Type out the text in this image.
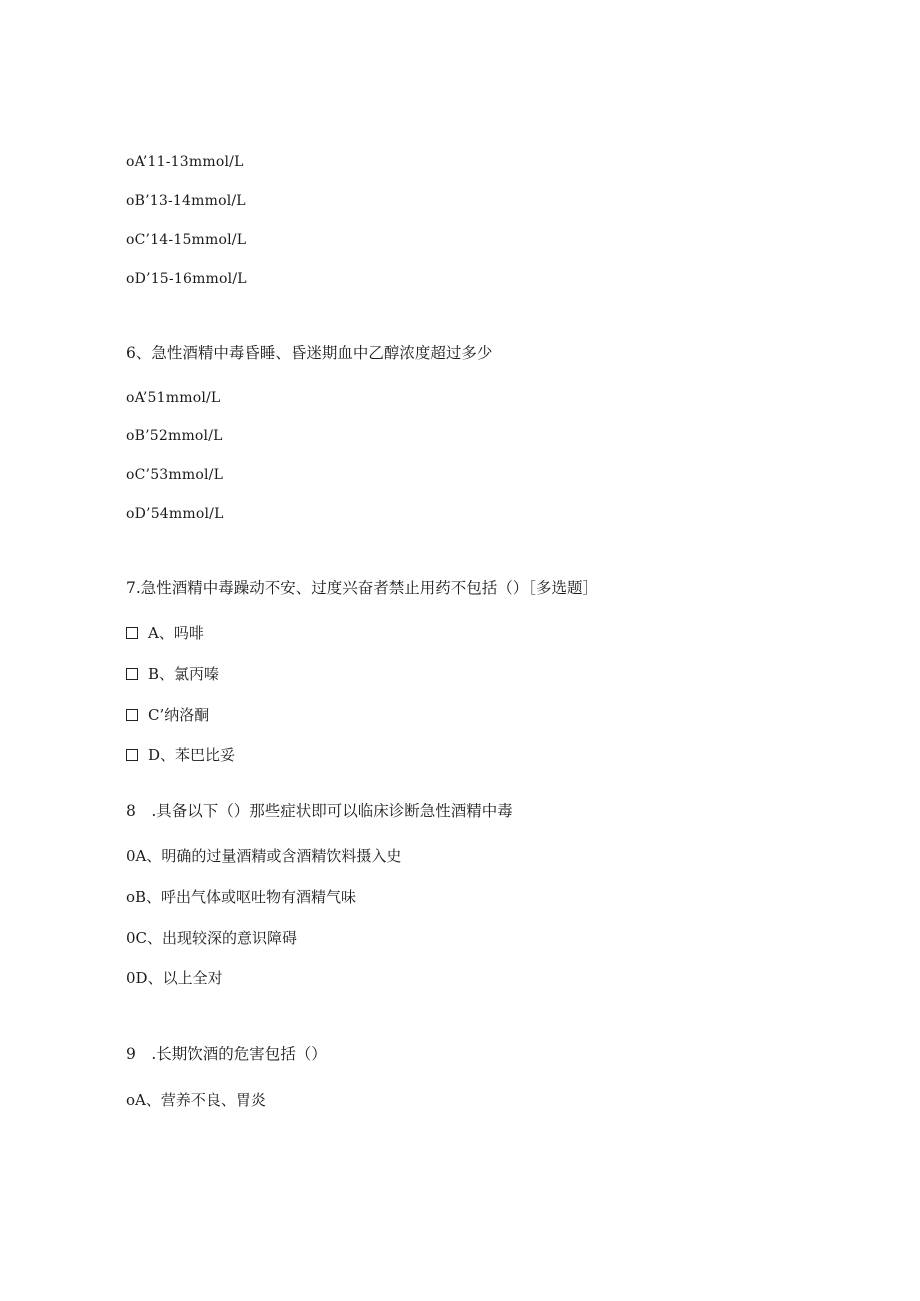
oA’11-13mmol/L
oB’13-14mmol/L
oC’14-15mmol/L
oD’15-16mmol/L
6、急性酒精中毒昏睡、昏迷期血中乙醇浓度超过多少
oA’51mmol/L
oB’52mmol/L
oC’53mmol/L
oD’54mmol/L
7.急性酒精中毒躁动不安、过度兴奋者禁止用药不包括（）［多选题］
A、吗啡
B、氯丙嗪
C’纳洛酮
D、苯巴比妥
8　.具备以下（）那些症状即可以临床诊断急性酒精中毒
0A、明确的过量酒精或含酒精饮料摄入史
oB、呼出气体或呕吐物有酒精气味
0C、出现较深的意识障碍
0D、以上全对
9　.长期饮酒的危害包括（）
oA、营养不良、胃炎
